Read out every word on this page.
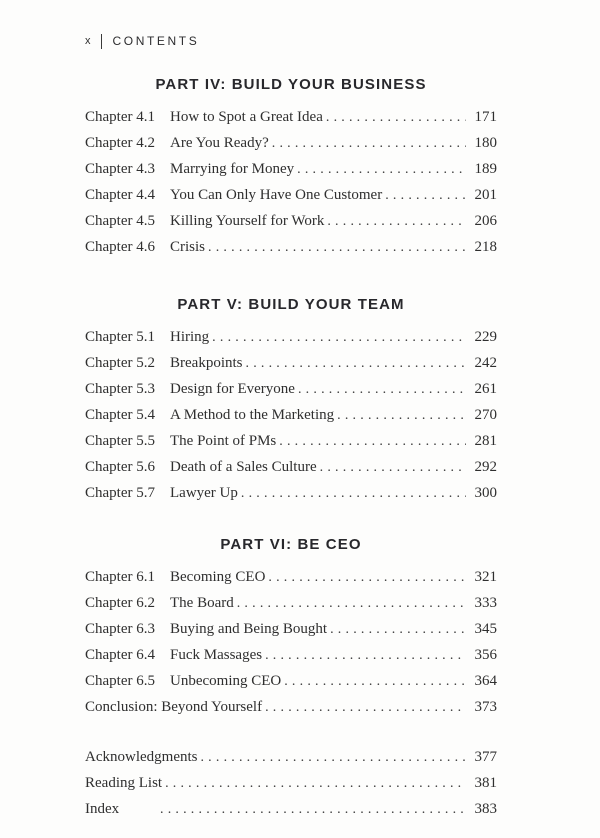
x CONTENTS
PART IV: BUILD YOUR BUSINESS
Chapter 4.1	How to Spot a Great Idea .....	171
Chapter 4.2	Are You Ready? .....	180
Chapter 4.3	Marrying for Money .....	189
Chapter 4.4	You Can Only Have One Customer .....	201
Chapter 4.5	Killing Yourself for Work .....	206
Chapter 4.6	Crisis .....	218
PART V: BUILD YOUR TEAM
Chapter 5.1	Hiring .....	229
Chapter 5.2	Breakpoints .....	242
Chapter 5.3	Design for Everyone .....	261
Chapter 5.4	A Method to the Marketing .....	270
Chapter 5.5	The Point of PMs .....	281
Chapter 5.6	Death of a Sales Culture .....	292
Chapter 5.7	Lawyer Up .....	300
PART VI: BE CEO
Chapter 6.1	Becoming CEO .....	321
Chapter 6.2	The Board .....	333
Chapter 6.3	Buying and Being Bought .....	345
Chapter 6.4	Fuck Massages .....	356
Chapter 6.5	Unbecoming CEO .....	364
Conclusion: Beyond Yourself .....	373
Acknowledgments .....	377
Reading List .....	381
Index .....	383
